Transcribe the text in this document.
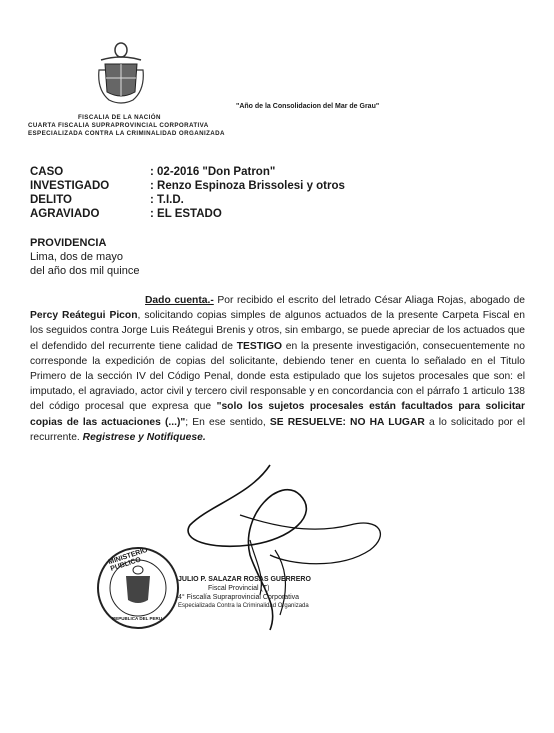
FISCALIA DE LA NACIÓN
CUARTA FISCALIA SUPRAPROVINCIAL CORPORATIVA
ESPECIALIZADA CONTRA LA CRIMINALIDAD ORGANIZADA
"Año de la Consolidacion del Mar de Grau"
CASO	: 02-2016 "Don Patron"
INVESTIGADO	: Renzo Espinoza Brissolesi y otros
DELITO	: T.I.D.
AGRAVIADO	: EL ESTADO
PROVIDENCIA
Lima, dos de mayo
del año dos mil quince
Dado cuenta.- Por recibido el escrito del letrado César Aliaga Rojas, abogado de Percy Reátegui Picon, solicitando copias simples de algunos actuados de la presente Carpeta Fiscal en los seguidos contra Jorge Luis Reátegui Brenis y otros, sin embargo, se puede apreciar de los actuados que el defendido del recurrente tiene calidad de TESTIGO en la presente investigación, consecuentemente no corresponde la expedición de copias del solicitante, debiendo tener en cuenta lo señalado en el Titulo Primero de la sección IV del Código Penal, donde esta estipulado que los sujetos procesales que son: el imputado, el agraviado, actor civil y tercero civil responsable y en concordancia con el párrafo 1 articulo 138 del código procesal que expresa que "solo los sujetos procesales están facultados para solicitar copias de las actuaciones (...)"; En ese sentido, SE RESUELVE: NO HA LUGAR a lo solicitado por el recurrente. Registrese y Notifiquese.
MINISTERIO PUBLICO
REPUBLICA DEL PERU
JULIO P. SALAZAR ROSAS GUERRERO
Fiscal Provincial (T)
4° Fiscalía Supraprovincial Corporativa
Especializada Contra la Criminalidad Organizada
